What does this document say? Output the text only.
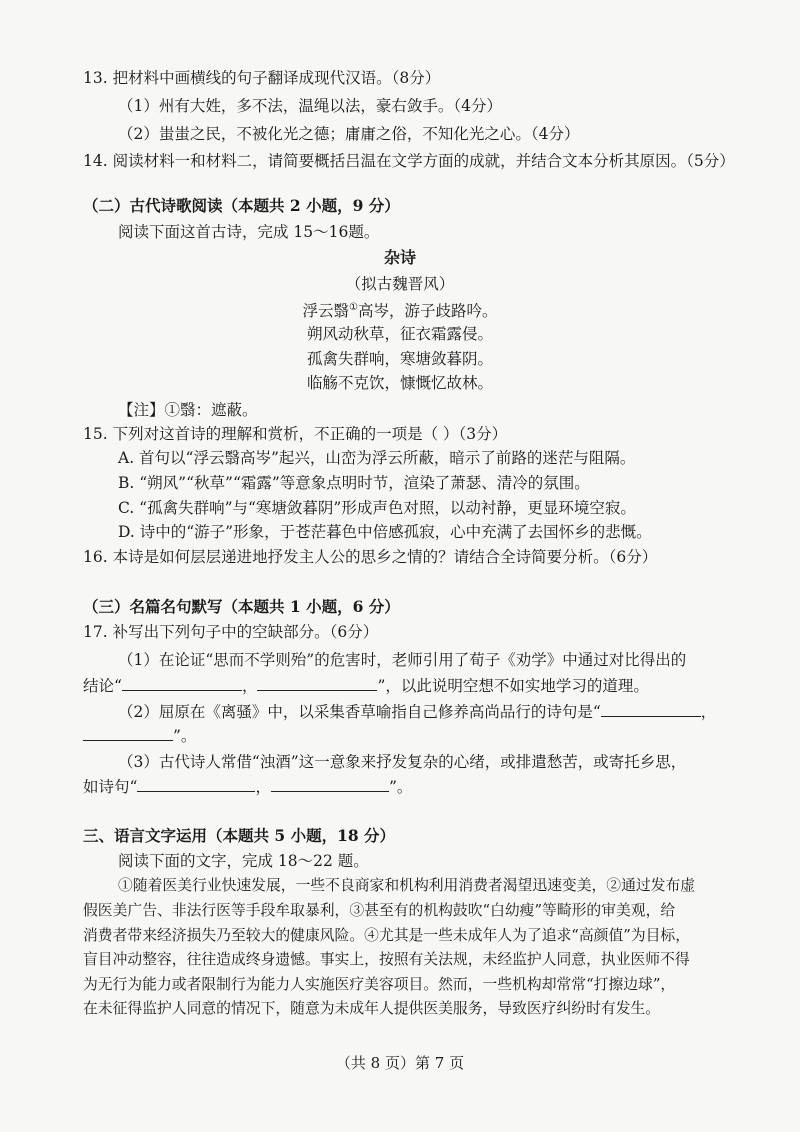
13. 把材料中画横线的句子翻译成现代汉语。（8分）
（1）州有大姓，多不法，温绳以法，豪右敛手。（4分）
（2）蚩蚩之民，不被化光之德；庸庸之俗，不知化光之心。（4分）
14. 阅读材料一和材料二，请简要概括吕温在文学方面的成就，并结合文本分析其原因。（5分）
（二）古代诗歌阅读（本题共 2 小题，9 分）
阅读下面这首古诗，完成 15～16题。
杂诗
（拟古魏晋风）
浮云翳①高岑，游子歧路吟。
朔风动秋草，征衣霜露侵。
孤禽失群响，寒塘敛暮阴。
临觞不克饮，慷慨忆故林。
【注】①翳：遮蔽。
15. 下列对这首诗的理解和赏析，不正确的一项是（ ）（3分）
A. 首句以“浮云翳高岑”起兴，山峦为浮云所蔽，暗示了前路的迷茫与阻隔。
B. “朔风”“秋草”“霜露”等意象点明时节，渲染了萧瑟、清冷的氛围。
C. “孤禽失群响”与“寒塘敛暮阴”形成声色对照，以动衬静，更显环境空寂。
D. 诗中的“游子”形象，于苍茫暮色中倍感孤寂，心中充满了去国怀乡的悲慨。
16. 本诗是如何层层递进地抒发主人公的思乡之情的？请结合全诗简要分析。（6分）
（三）名篇名句默写（本题共 1 小题，6 分）
17. 补写出下列句子中的空缺部分。（6分）
（1）在论证“思而不学则殆”的危害时，老师引用了荀子《劝学》中通过对比得出的
结论“	，	”，以此说明空想不如实地学习的道理。
（2）屈原在《离骚》中，以采集香草喻指自己修养高尚品行的诗句是“	，
”。
（3）古代诗人常借“浊酒”这一意象来抒发复杂的心绪，或排遣愁苦，或寄托乡思，
如诗句“	，	”。
三、语言文字运用（本题共 5 小题，18 分）
阅读下面的文字，完成 18～22 题。
①随着医美行业快速发展，一些不良商家和机构利用消费者渴望迅速变美，②通过发布虚
假医美广告、非法行医等手段牟取暴利，③甚至有的机构鼓吹“白幼瘦”等畸形的审美观，给
消费者带来经济损失乃至较大的健康风险。④尤其是一些未成年人为了追求“高颜值”为目标，
盲目冲动整容，往往造成终身遗憾。事实上，按照有关法规，未经监护人同意，执业医师不得
为无行为能力或者限制行为能力人实施医疗美容项目。然而，一些机构却常常“打擦边球”，
在未征得监护人同意的情况下，随意为未成年人提供医美服务，导致医疗纠纷时有发生。
（共 8 页）第 7 页
